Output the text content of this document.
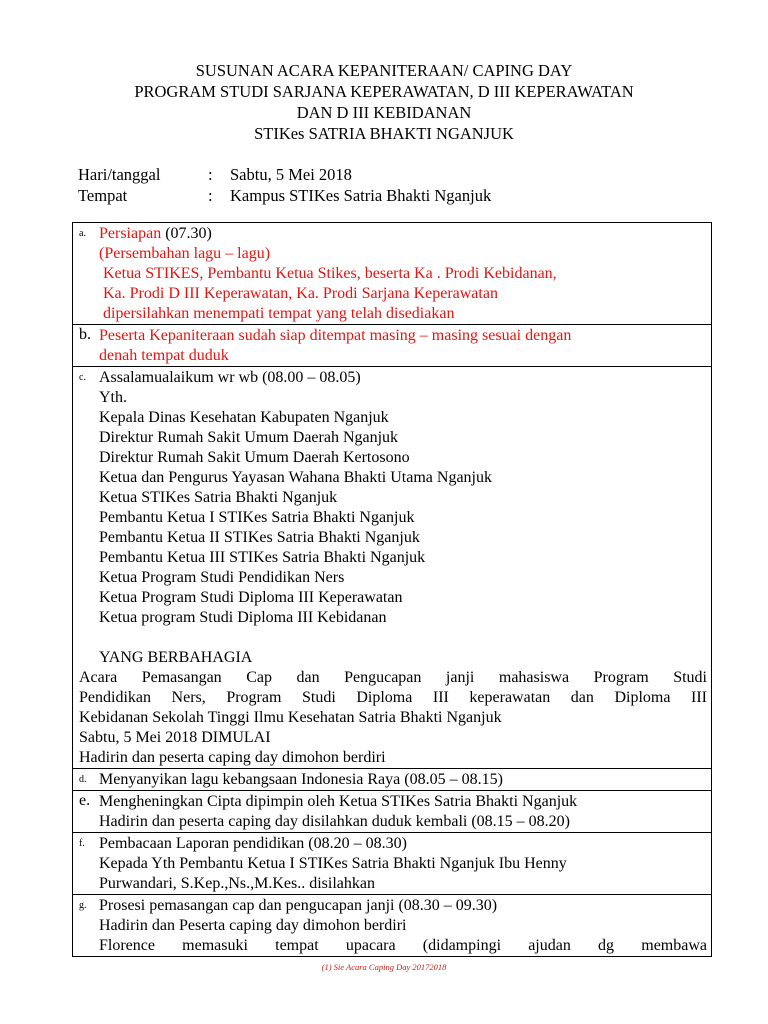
SUSUNAN ACARA KEPANITERAAN/ CAPING DAY
PROGRAM STUDI SARJANA KEPERAWATAN, D III KEPERAWATAN
DAN D III KEBIDANAN
STIKes SATRIA BHAKTI NGANJUK
Hari/tanggal	:	Sabtu, 5 Mei 2018
Tempat	:	Kampus STIKes Satria Bhakti Nganjuk
a. Persiapan (07.30)
(Persembahan lagu – lagu)
Ketua STIKES, Pembantu Ketua Stikes, beserta Ka . Prodi Kebidanan,
Ka. Prodi D III Keperawatan, Ka. Prodi Sarjana Keperawatan
dipersilahkan menempati tempat yang telah disediakan

b. Peserta Kepaniteraan sudah siap ditempat masing – masing sesuai dengan
denah tempat duduk

c. Assalamualaikum wr wb (08.00 – 08.05)
Yth.
Kepala Dinas Kesehatan Kabupaten Nganjuk
Direktur Rumah Sakit Umum Daerah Nganjuk
Direktur Rumah Sakit Umum Daerah Kertosono
Ketua dan Pengurus Yayasan Wahana Bhakti Utama Nganjuk
Ketua STIKes Satria Bhakti Nganjuk
Pembantu Ketua I STIKes Satria Bhakti Nganjuk
Pembantu Ketua II STIKes Satria Bhakti Nganjuk
Pembantu Ketua III STIKes Satria Bhakti Nganjuk
Ketua Program Studi Pendidikan Ners
Ketua Program Studi Diploma III Keperawatan
Ketua program Studi Diploma III Kebidanan

YANG BERBAHAGIA
Acara Pemasangan Cap dan Pengucapan janji mahasiswa Program Studi
Pendidikan Ners, Program Studi Diploma III keperawatan dan Diploma III
Kebidanan Sekolah Tinggi Ilmu Kesehatan Satria Bhakti Nganjuk
Sabtu, 5 Mei 2018 DIMULAI
Hadirin dan peserta caping day dimohon berdiri

d. Menyanyikan lagu kebangsaan Indonesia Raya (08.05 – 08.15)

e. Mengheningkan Cipta dipimpin oleh Ketua STIKes Satria Bhakti Nganjuk
Hadirin dan peserta caping day disilahkan duduk kembali (08.15 – 08.20)

f. Pembacaan Laporan pendidikan (08.20 – 08.30)
Kepada Yth Pembantu Ketua I STIKes Satria Bhakti Nganjuk Ibu Henny
Purwandari, S.Kep.,Ns.,M.Kes.. disilahkan

g. Prosesi pemasangan cap dan pengucapan janji (08.30 – 09.30)
Hadirin dan Peserta caping day dimohon berdiri
Florence memasuki tempat upacara (didampingi ajudan dg membawa
(1) Sie Acara Caping Day 20172018
